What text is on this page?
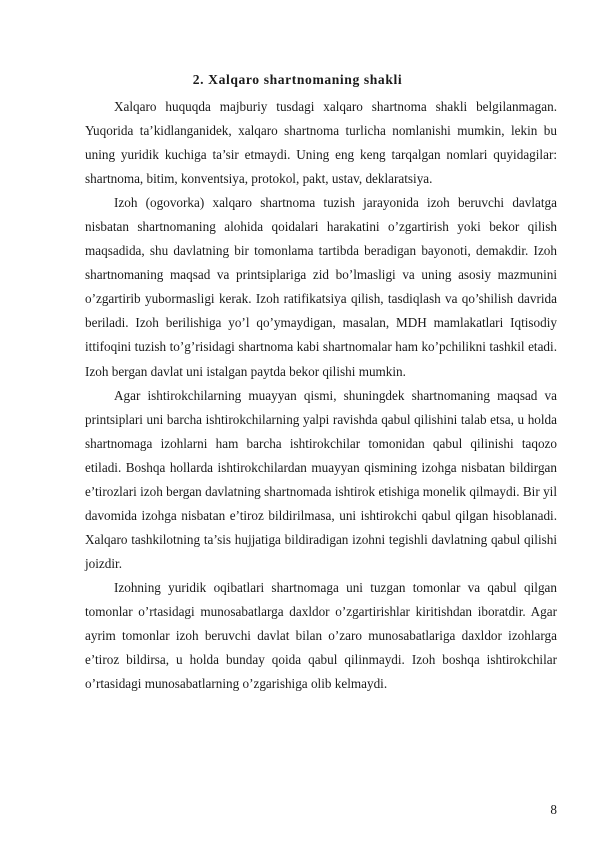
2. Xalqaro shartnomaning shakli

Xalqaro huquqda majburiy tusdagi xalqaro shartnoma shakli belgilanmagan. Yuqorida ta’kidlanganidek, xalqaro shartnoma turlicha nomlanishi mumkin, lekin bu uning yuridik kuchiga ta’sir etmaydi. Uning eng keng tarqalgan nomlari quyidagilar: shartnoma, bitim, konventsiya, protokol, pakt, ustav, deklaratsiya.

Izoh (ogovorka) xalqaro shartnoma tuzish jarayonida izoh beruvchi davlatga nisbatan shartnomaning alohida qoidalari harakatini o’zgartirish yoki bekor qilish maqsadida, shu davlatning bir tomonlama tartibda beradigan bayonoti, demakdir. Izoh shartnomaning maqsad va printsiplariga zid bo’lmasligi va uning asosiy mazmunini o’zgartirib yubormasligi kerak. Izoh ratifikatsiya qilish, tasdiqlash va qo’shilish davrida beriladi. Izoh berilishiga yo’l qo’ymaydigan, masalan, MDH mamlakatlari Iqtisodiy ittifoqini tuzish to’g’risidagi shartnoma kabi shartnomalar ham ko’pchilikni tashkil etadi. Izoh bergan davlat uni istalgan paytda bekor qilishi mumkin.

Agar ishtirokchilarning muayyan qismi, shuningdek shartnomaning maqsad va printsiplari uni barcha ishtirokchilarning yalpi ravishda qabul qilishini talab etsa, u holda shartnomaga izohlarni ham barcha ishtirokchilar tomonidan qabul qilinishi taqozo etiladi. Boshqa hollarda ishtirokchilardan muayyan qismining izohga nisbatan bildirgan e’tirozlari izoh bergan davlatning shartnomada ishtirok etishiga monelik qilmaydi. Bir yil davomida izohga nisbatan e’tiroz bildirilmasa, uni ishtirokchi qabul qilgan hisoblanadi. Xalqaro tashkilotning ta’sis hujjatiga bildiradigan izohni tegishli davlatning qabul qilishi joizdir.

Izohning yuridik oqibatlari shartnomaga uni tuzgan tomonlar va qabul qilgan tomonlar o’rtasidagi munosabatlarga daxldor o’zgartirishlar kiritishdan iboratdir. Agar ayrim tomonlar izoh beruvchi davlat bilan o’zaro munosabatlariga daxldor izohlarga e’tiroz bildirsa, u holda bunday qoida qabul qilinmaydi. Izoh boshqa ishtirokchilar o’rtasidagi munosabatlarning o’zgarishiga olib kelmaydi.

8
